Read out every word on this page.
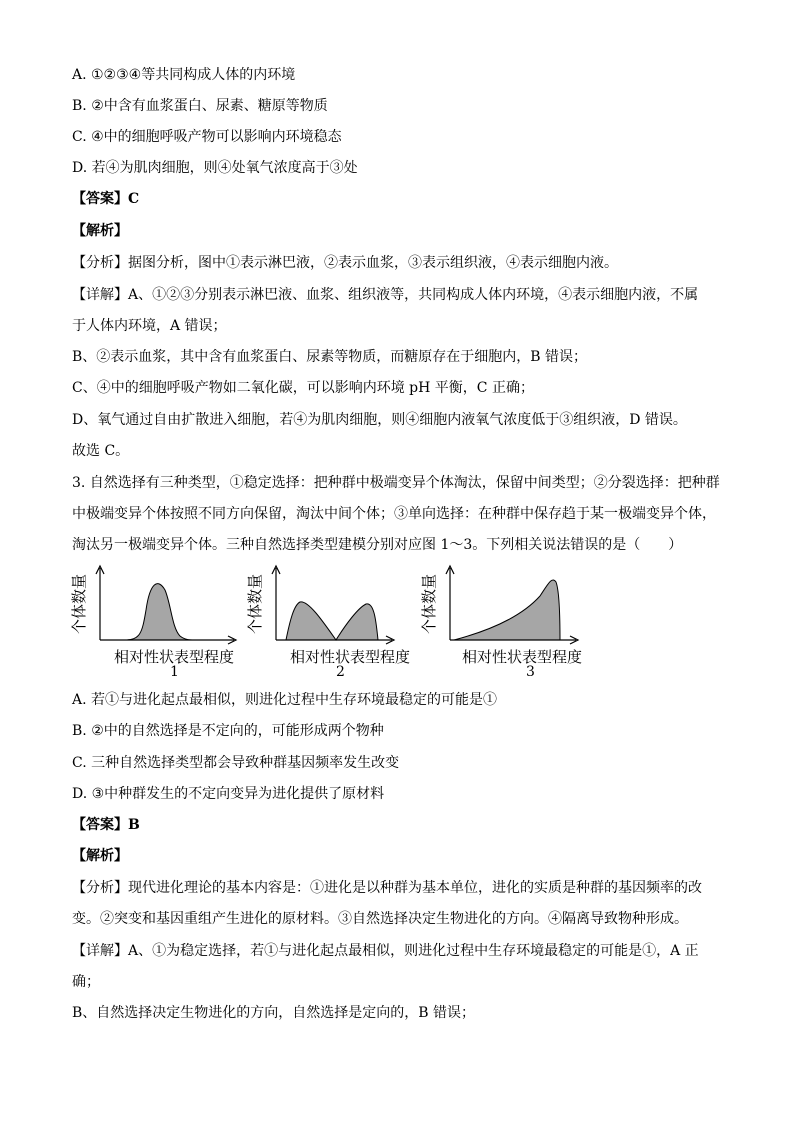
A. ①②③④等共同构成人体的内环境
B. ②中含有血浆蛋白、尿素、糖原等物质
C. ④中的细胞呼吸产物可以影响内环境稳态
D. 若④为肌肉细胞，则④处氧气浓度高于③处
【答案】C
【解析】
【分析】据图分析，图中①表示淋巴液，②表示血浆，③表示组织液，④表示细胞内液。
【详解】A、①②③分别表示淋巴液、血浆、组织液等，共同构成人体内环境，④表示细胞内液，不属
于人体内环境，A 错误；
B、②表示血浆，其中含有血浆蛋白、尿素等物质，而糖原存在于细胞内，B 错误；
C、④中的细胞呼吸产物如二氧化碳，可以影响内环境 pH 平衡，C 正确；
D、氧气通过自由扩散进入细胞，若④为肌肉细胞，则④细胞内液氧气浓度低于③组织液，D 错误。
故选 C。
3. 自然选择有三种类型，①稳定选择：把种群中极端变异个体淘汰，保留中间类型；②分裂选择：把种群
中极端变异个体按照不同方向保留，淘汰中间个体；③单向选择：在种群中保存趋于某一极端变异个体，
淘汰另一极端变异个体。三种自然选择类型建模分别对应图 1～3。下列相关说法错误的是（　　）
个体数量
相对性状表型程度
1
个体数量
相对性状表型程度
2
个体数量
相对性状表型程度
3
A. 若①与进化起点最相似，则进化过程中生存环境最稳定的可能是①
B. ②中的自然选择是不定向的，可能形成两个物种
C. 三种自然选择类型都会导致种群基因频率发生改变
D. ③中种群发生的不定向变异为进化提供了原材料
【答案】B
【解析】
【分析】现代进化理论的基本内容是：①进化是以种群为基本单位，进化的实质是种群的基因频率的改
变。②突变和基因重组产生进化的原材料。③自然选择决定生物进化的方向。④隔离导致物种形成。
【详解】A、①为稳定选择，若①与进化起点最相似，则进化过程中生存环境最稳定的可能是①，A 正
确；
B、自然选择决定生物进化的方向，自然选择是定向的，B 错误；
